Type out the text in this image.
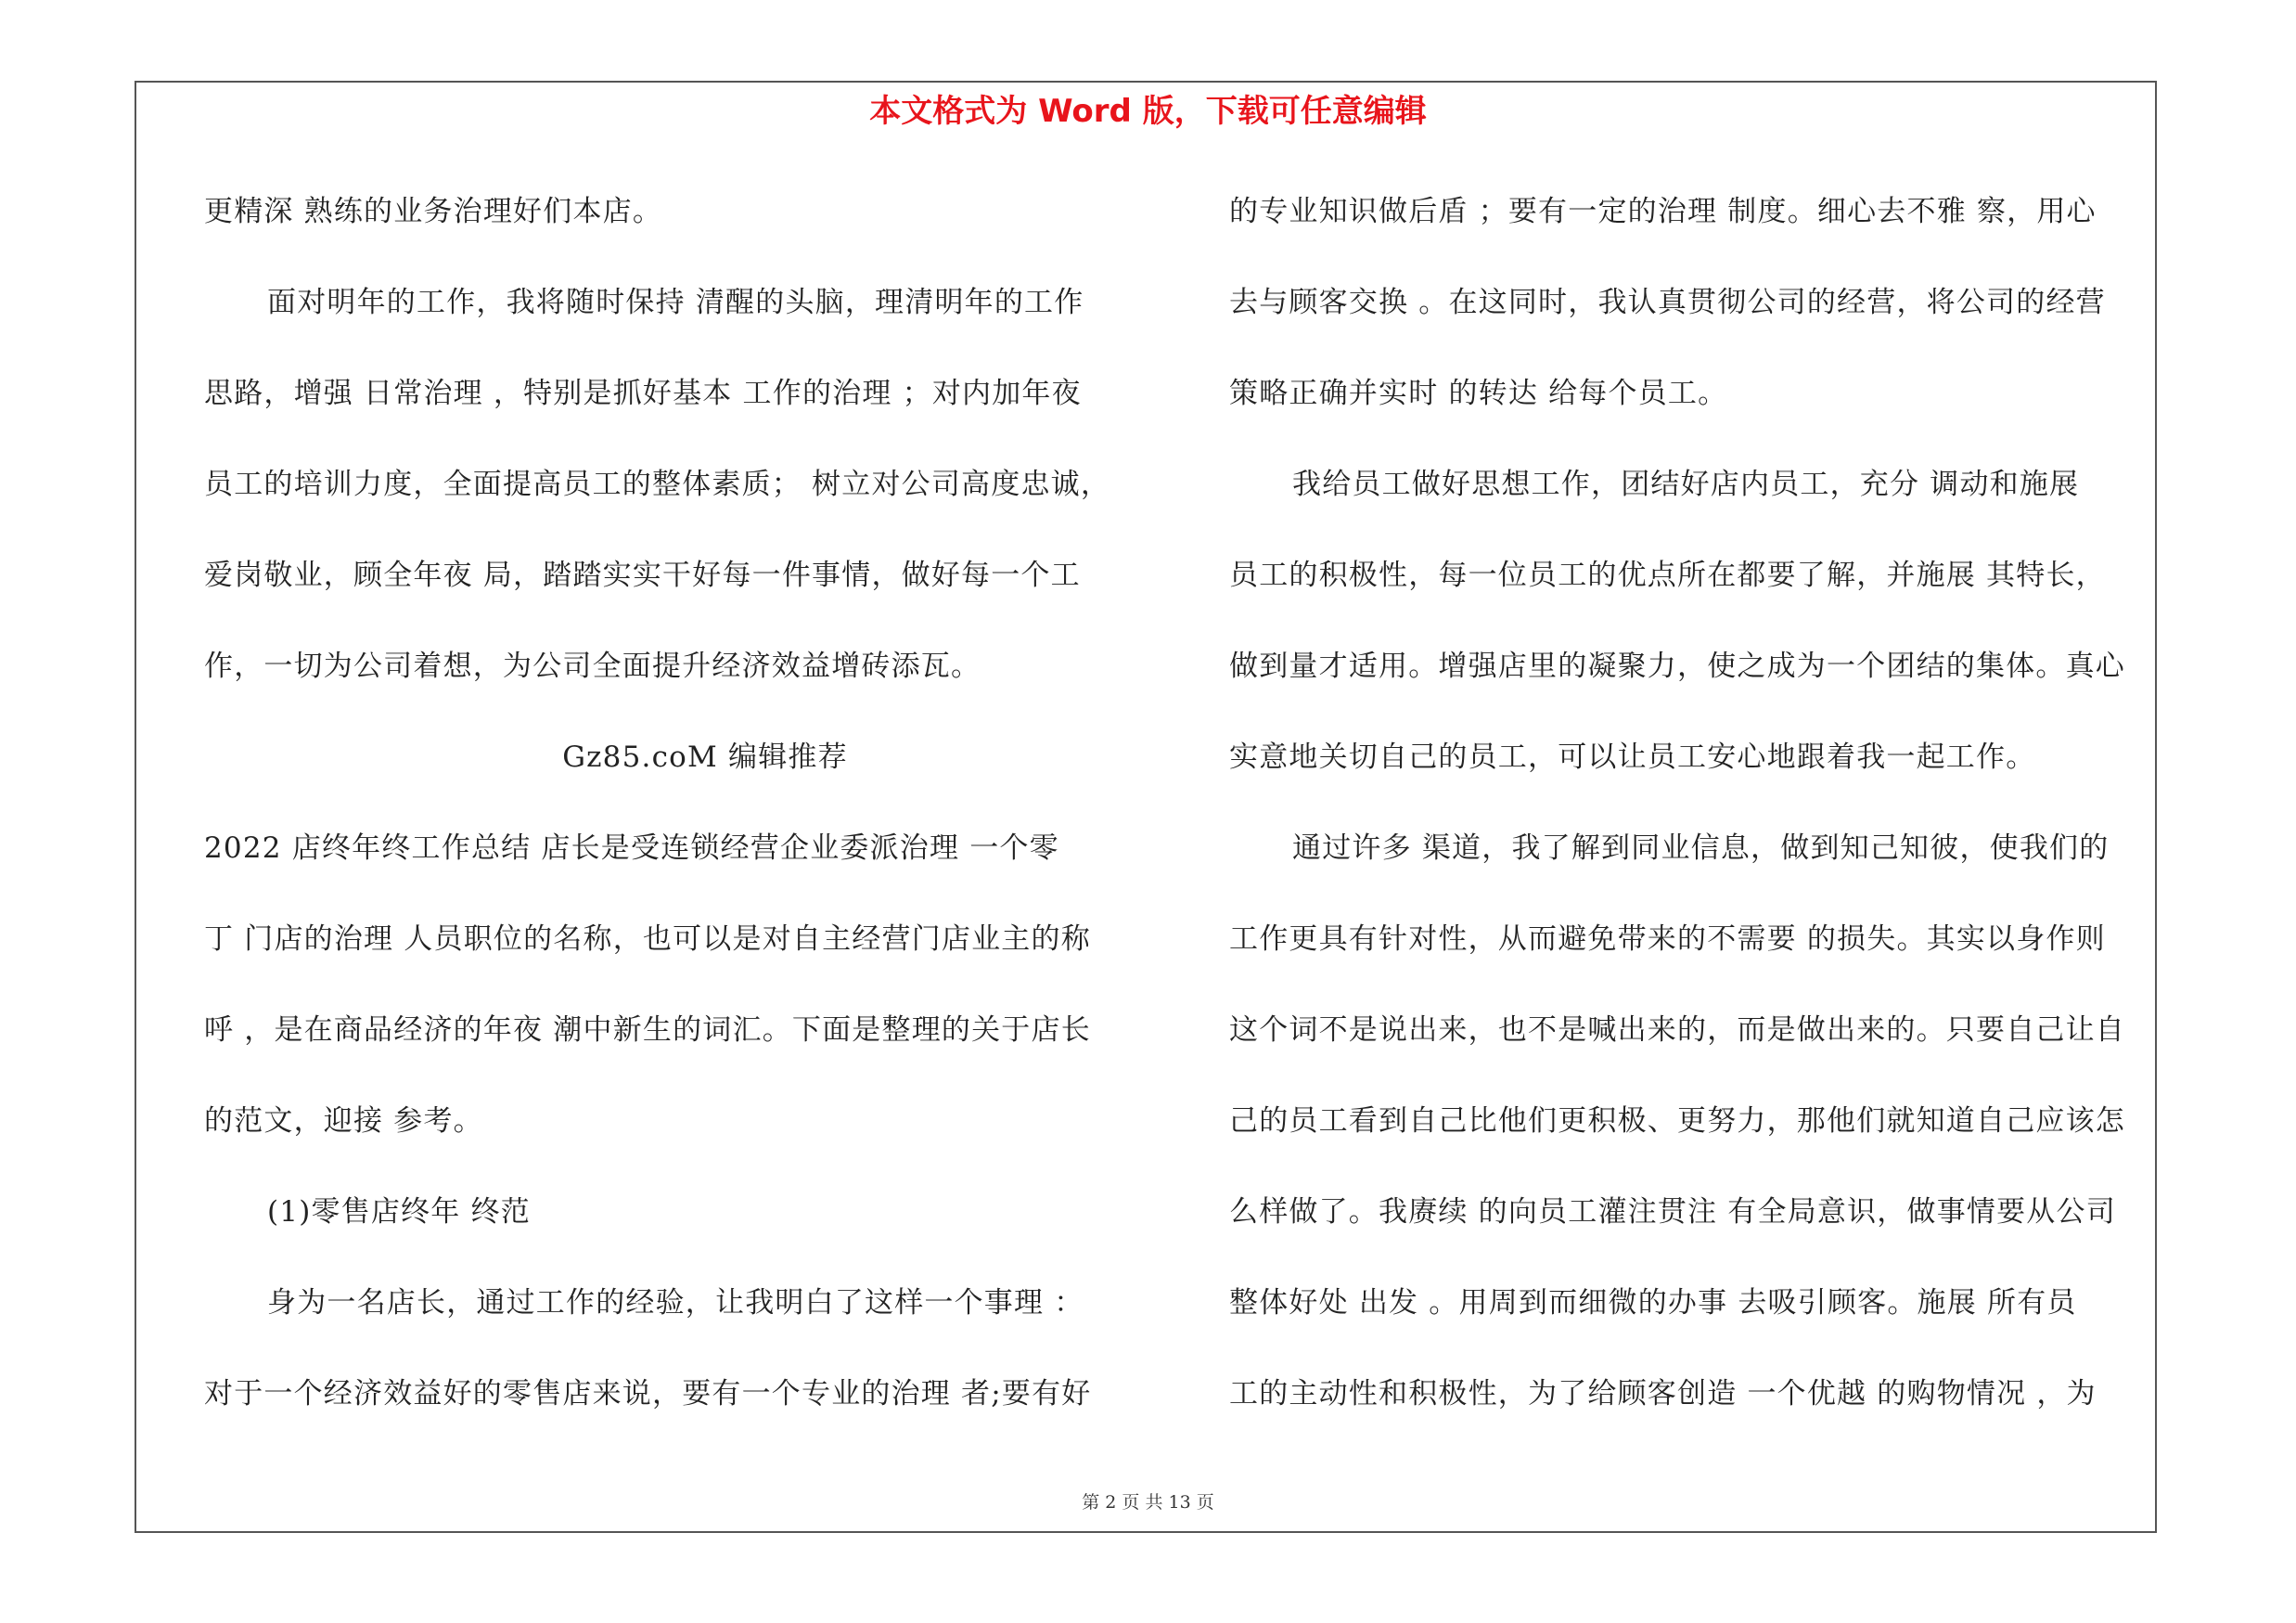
本文格式为 Word 版，下载可任意编辑
更精深 熟练的业务治理好们本店。
面对明年的工作，我将随时保持 清醒的头脑，理清明年的工作
思路，增强 日常治理 ，特别是抓好基本 工作的治理 ；对内加年夜
员工的培训力度，全面提高员工的整体素质； 树立对公司高度忠诚，
爱岗敬业，顾全年夜 局，踏踏实实干好每一件事情，做好每一个工
作，一切为公司着想，为公司全面提升经济效益增砖添瓦。
Gz85.coM 编辑推荐
2022 店终年终工作总结 店长是受连锁经营企业委派治理 一个零
丁 门店的治理 人员职位的名称，也可以是对自主经营门店业主的称
呼 ，是在商品经济的年夜 潮中新生的词汇。下面是整理的关于店长
的范文，迎接 参考。
(1)零售店终年 终范
身为一名店长，通过工作的经验，让我明白了这样一个事理 ：
对于一个经济效益好的零售店来说，要有一个专业的治理 者;要有好
的专业知识做后盾 ；要有一定的治理 制度。细心去不雅 察，用心
去与顾客交换 。在这同时，我认真贯彻公司的经营，将公司的经营
策略正确并实时 的转达 给每个员工。
我给员工做好思想工作，团结好店内员工，充分 调动和施展
员工的积极性，每一位员工的优点所在都要了解，并施展 其特长，
做到量才适用。增强店里的凝聚力，使之成为一个团结的集体。真心
实意地关切自己的员工，可以让员工安心地跟着我一起工作。
通过许多 渠道，我了解到同业信息，做到知己知彼，使我们的
工作更具有针对性，从而避免带来的不需要 的损失。其实以身作则
这个词不是说出来，也不是喊出来的，而是做出来的。只要自己让自
己的员工看到自己比他们更积极、更努力，那他们就知道自己应该怎
么样做了。我赓续 的向员工灌注贯注 有全局意识，做事情要从公司
整体好处 出发 。用周到而细微的办事 去吸引顾客。施展 所有员
工的主动性和积极性，为了给顾客创造 一个优越 的购物情况 ，为
第 2 页 共 13 页
